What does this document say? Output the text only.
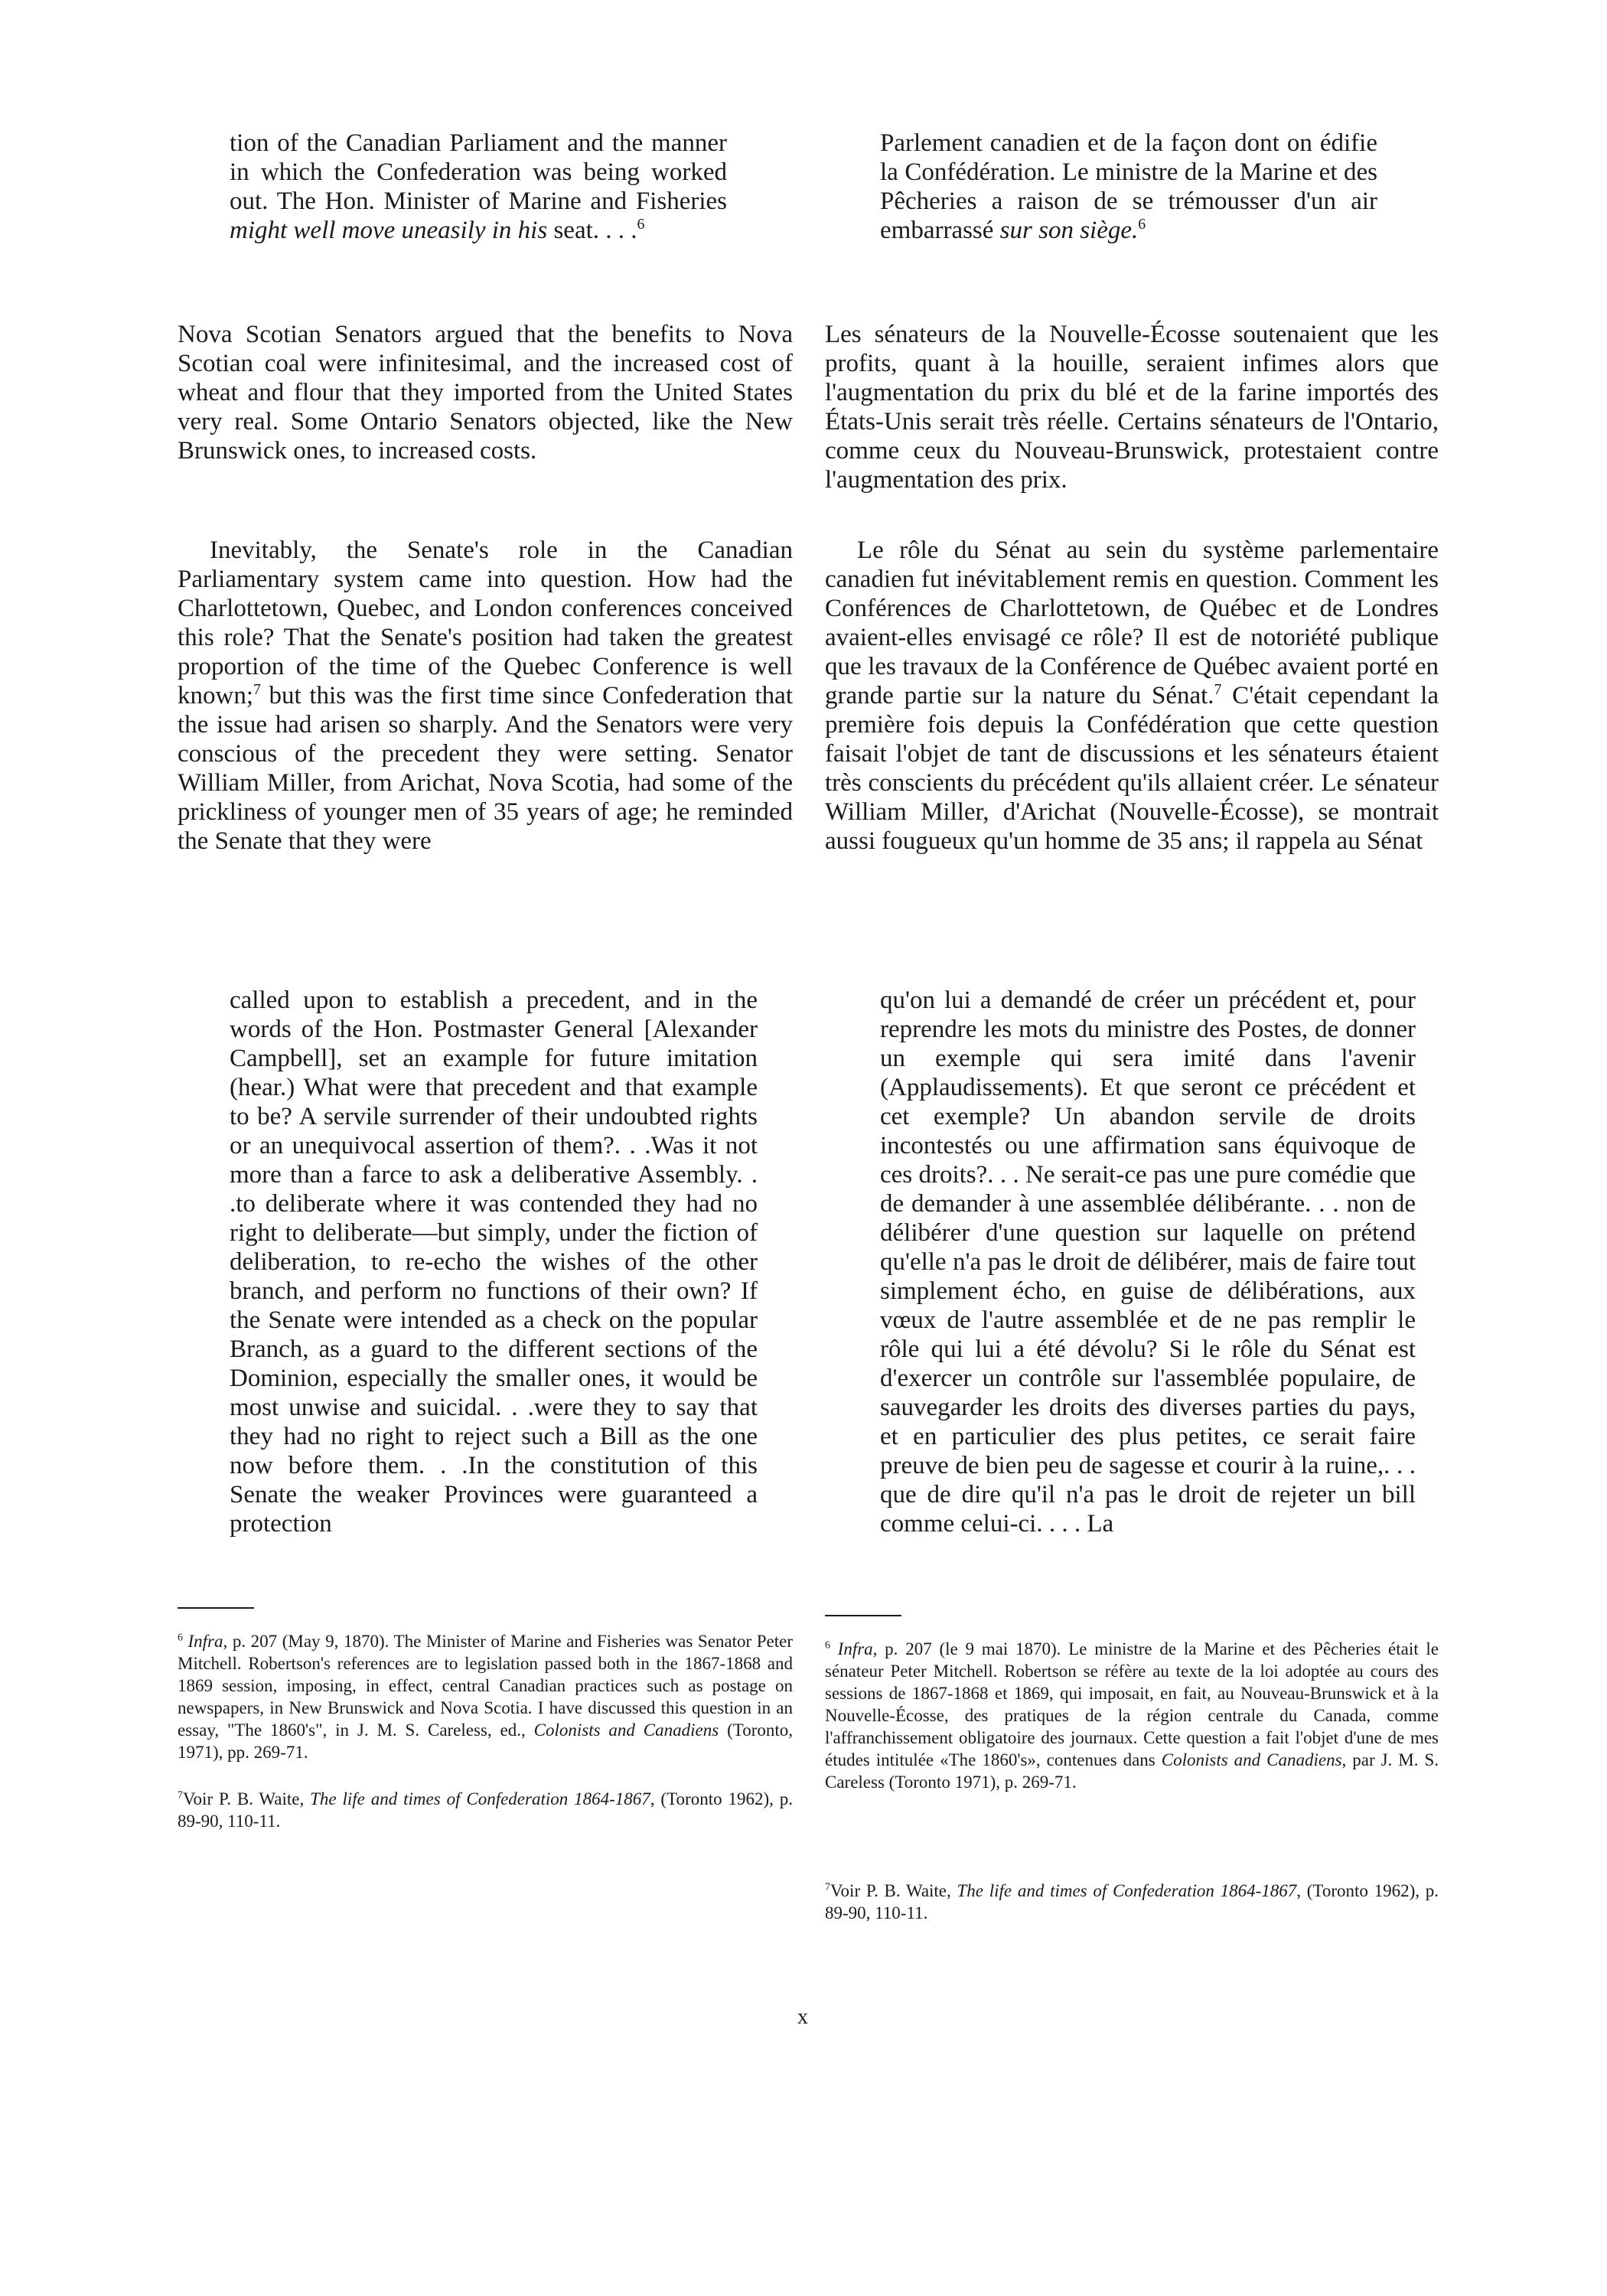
tion of the Canadian Parliament and the manner in which the Confederation was being worked out. The Hon. Minister of Marine and Fisheries might well move uneasily in his seat. . . .$^6$

Nova Scotian Senators argued that the benefits to Nova Scotian coal were infinitesimal, and the increased cost of wheat and flour that they imported from the United States very real. Some Ontario Senators objected, like the New Brunswick ones, to increased costs.

Inevitably, the Senate's role in the Canadian Parliamentary system came into question. How had the Charlottetown, Quebec, and London conferences conceived this role? That the Senate's position had taken the greatest proportion of the time of the Quebec Conference is well known;$^7$ but this was the first time since Confederation that the issue had arisen so sharply. And the Senators were very conscious of the precedent they were setting. Senator William Miller, from Arichat, Nova Scotia, had some of the prickliness of younger men of 35 years of age; he reminded the Senate that they were

called upon to establish a precedent, and in the words of the Hon. Postmaster General [Alexander Campbell], set an example for future imitation (hear.) What were that precedent and that example to be? A servile surrender of their undoubted rights or an unequivocal assertion of them?. . .Was it not more than a farce to ask a deliberative Assembly. . .to deliberate where it was contended they had no right to deliberate—but simply, under the fiction of deliberation, to re-echo the wishes of the other branch, and perform no functions of their own? If the Senate were intended as a check on the popular Branch, as a guard to the different sections of the Dominion, especially the smaller ones, it would be most unwise and suicidal. . .were they to say that they had no right to reject such a Bill as the one now before them. . .In the constitution of this Senate the weaker Provinces were guaranteed a protection

$^6$ Infra, p. 207 (May 9, 1870). The Minister of Marine and Fisheries was Senator Peter Mitchell. Robertson's references are to legislation passed both in the 1867-1868 and 1869 session, imposing, in effect, central Canadian practices such as postage on newspapers, in New Brunswick and Nova Scotia. I have discussed this question in an essay, "The 1860's", in J. M. S. Careless, ed., Colonists and Canadiens (Toronto, 1971), pp. 269-71.

$^7$Voir P. B. Waite, The life and times of Confederation 1864-1867, (Toronto 1962), p. 89-90, 110-11.

Parlement canadien et de la façon dont on édifie la Confédération. Le ministre de la Marine et des Pêcheries a raison de se trémousser d'un air embarrassé sur son siège.$^6$

Les sénateurs de la Nouvelle-Écosse soutenaient que les profits, quant à la houille, seraient infimes alors que l'augmentation du prix du blé et de la farine importés des États-Unis serait très réelle. Certains sénateurs de l'Ontario, comme ceux du Nouveau-Brunswick, protestaient contre l'augmentation des prix.

Le rôle du Sénat au sein du système parlementaire canadien fut inévitablement remis en question. Comment les Conférences de Charlottetown, de Québec et de Londres avaient-elles envisagé ce rôle? Il est de notoriété publique que les travaux de la Conférence de Québec avaient porté en grande partie sur la nature du Sénat.$^7$ C'était cependant la première fois depuis la Confédération que cette question faisait l'objet de tant de discussions et les sénateurs étaient très conscients du précédent qu'ils allaient créer. Le sénateur William Miller, d'Arichat (Nouvelle-Écosse), se montrait aussi fougueux qu'un homme de 35 ans; il rappela au Sénat

qu'on lui a demandé de créer un précédent et, pour reprendre les mots du ministre des Postes, de donner un exemple qui sera imité dans l'avenir (Applaudissements). Et que seront ce précédent et cet exemple? Un abandon servile de droits incontestés ou une affirmation sans équivoque de ces droits?. . . Ne serait-ce pas une pure comédie que de demander à une assemblée délibérante. . . non de délibérer d'une question sur laquelle on prétend qu'elle n'a pas le droit de délibérer, mais de faire tout simplement écho, en guise de délibérations, aux vœux de l'autre assemblée et de ne pas remplir le rôle qui lui a été dévolu? Si le rôle du Sénat est d'exercer un contrôle sur l'assemblée populaire, de sauvegarder les droits des diverses parties du pays, et en particulier des plus petites, ce serait faire preuve de bien peu de sagesse et courir à la ruine,. . . que de dire qu'il n'a pas le droit de rejeter un bill comme celui-ci. . . . La

$^6$ Infra, p. 207 (le 9 mai 1870). Le ministre de la Marine et des Pêcheries était le sénateur Peter Mitchell. Robertson se réfère au texte de la loi adoptée au cours des sessions de 1867-1868 et 1869, qui imposait, en fait, au Nouveau-Brunswick et à la Nouvelle-Écosse, des pratiques de la région centrale du Canada, comme l'affranchissement obligatoire des journaux. Cette question a fait l'objet d'une de mes études intitulée «The 1860's», contenues dans Colonists and Canadiens, par J. M. S. Careless (Toronto 1971), p. 269-71.

$^7$Voir P. B. Waite, The life and times of Confederation 1864-1867, (Toronto 1962), p. 89-90, 110-11.

x
